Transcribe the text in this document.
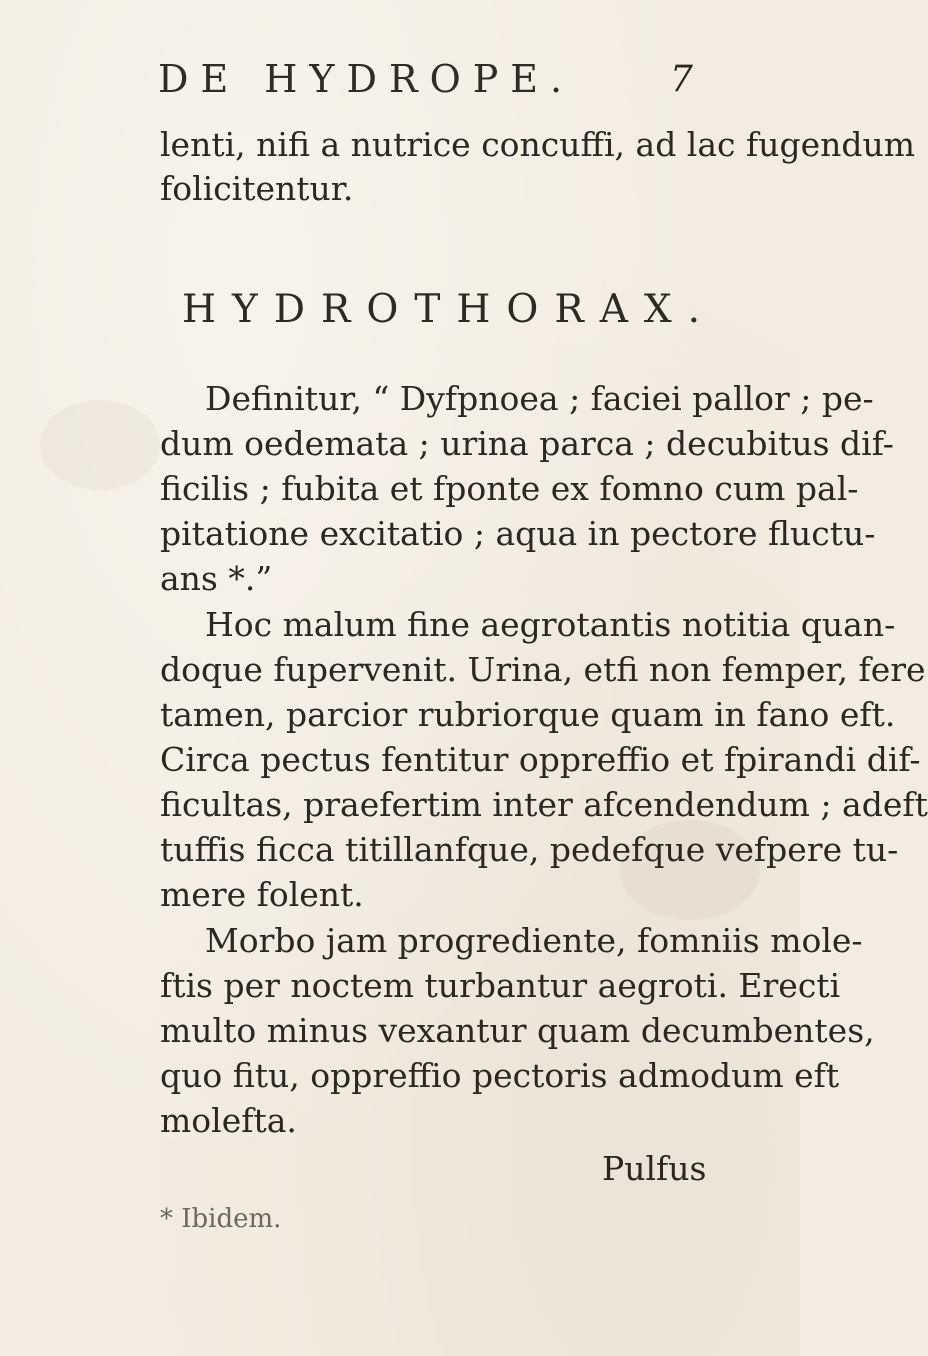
DE HYDROPE.	7
lenti, nifi a nutrice concuffi, ad lac fugendum
folicitentur.
HYDROTHORAX.
Definitur, “ Dyfpnoea ; faciei pallor ; pe-
dum oedemata ; urina parca ; decubitus dif-
ficilis ; fubita et fponte ex fomno cum pal-
pitatione excitatio ; aqua in pectore fluctu-
ans *.”
Hoc malum fine aegrotantis notitia quan-
doque fupervenit. Urina, etfi non femper, fere
tamen, parcior rubriorque quam in fano eft.
Circa pectus fentitur oppreffio et fpirandi dif-
ficultas, praefertim inter afcendendum ; adeft
tuffis ficca titillanfque, pedefque vefpere tu-
mere folent.
Morbo jam progrediente, fomniis mole-
ftis per noctem turbantur aegroti. Erecti
multo minus vexantur quam decumbentes,
quo fitu, oppreffio pectoris admodum eft
molefta.
Pulfus
* Ibidem.
